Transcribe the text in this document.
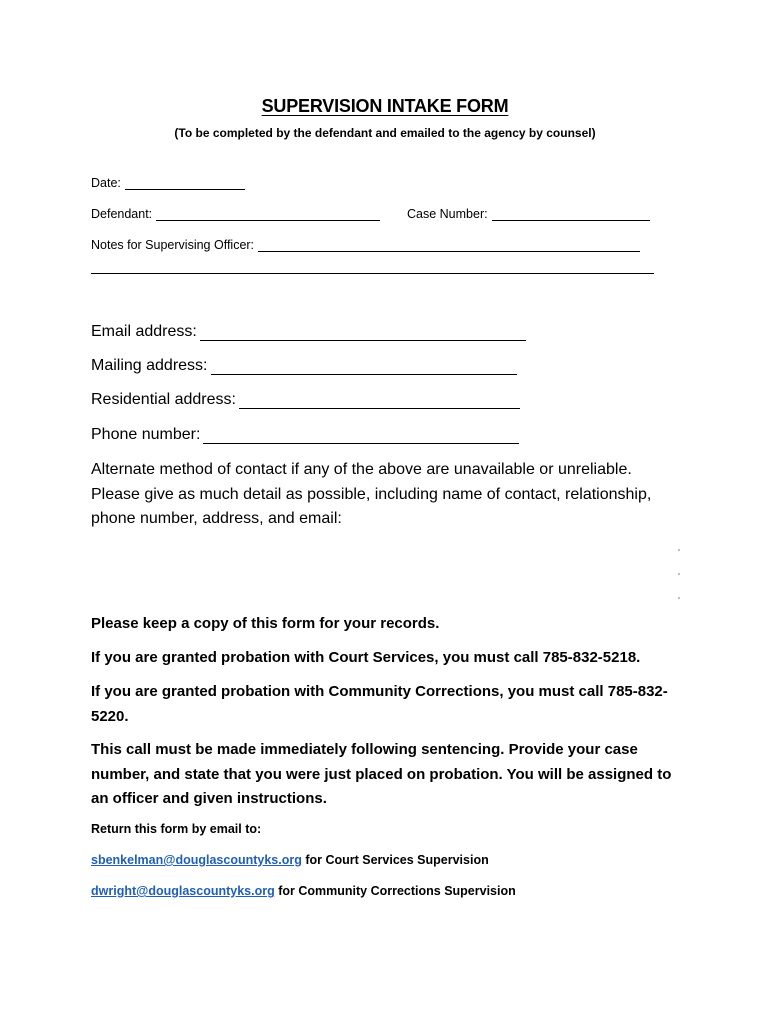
SUPERVISION INTAKE FORM
(To be completed by the defendant and emailed to the agency by counsel)
Date:
Defendant:	Case Number:
Notes for Supervising Officer:
Email address:
Mailing address:
Residential address:
Phone number:
Alternate method of contact if any of the above are unavailable or unreliable. Please give as much detail as possible, including name of contact, relationship, phone number, address, and email:
Please keep a copy of this form for your records.
If you are granted probation with Court Services, you must call 785-832-5218.
If you are granted probation with Community Corrections, you must call 785-832-5220.
This call must be made immediately following sentencing. Provide your case number, and state that you were just placed on probation. You will be assigned to an officer and given instructions.
Return this form by email to:
sbenkelman@douglascountyks.org for Court Services Supervision
dwright@douglascountyks.org for Community Corrections Supervision
